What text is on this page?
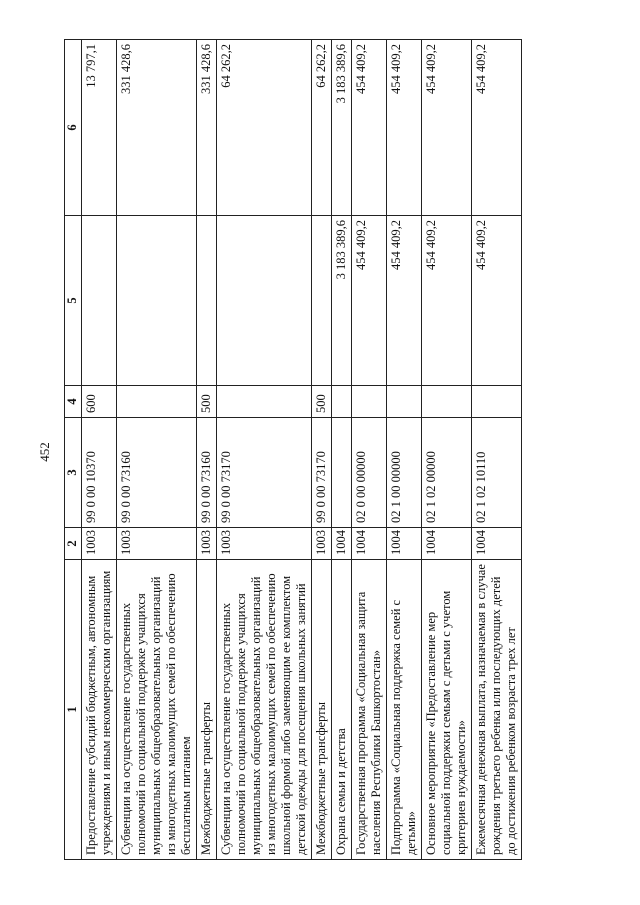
452
1	2	3	4	5	6
Предоставление субсидий бюджетным, автономным учреждениям и иным некоммерческим организациям	1003	99 0 00 10370	600		13 797,1
Субвенции на осуществление государственных полномочий по социальной поддержке учащихся муниципальных общеобразовательных организаций из многодетных малоимущих семей по обеспечению бесплатным питанием	1003	99 0 00 73160			331 428,6
Межбюджетные трансферты	1003	99 0 00 73160	500		331 428,6
Субвенции на осуществление государственных полномочий по социальной поддержке учащихся муниципальных общеобразовательных организаций из многодетных малоимущих семей по обеспечению школьной формой либо заменяющим ее комплектом детской одежды для посещения школьных занятий	1003	99 0 00 73170			64 262,2
Межбюджетные трансферты	1003	99 0 00 73170	500		64 262,2
Охрана семьи и детства	1004			3 183 389,6	3 183 389,6
Государственная программа «Социальная защита населения Республики Башкортостан»	1004	02 0 00 00000		454 409,2	454 409,2
Подпрограмма «Социальная поддержка семей с детьми»	1004	02 1 00 00000		454 409,2	454 409,2
Основное мероприятие «Предоставление мер социальной поддержки семьям с детьми с учетом критериев нуждаемости»	1004	02 1 02 00000		454 409,2	454 409,2
Ежемесячная денежная выплата, назначаемая в случае рождения третьего ребенка или последующих детей до достижения ребенком возраста трех лет	1004	02 1 02 10110		454 409,2	454 409,2
